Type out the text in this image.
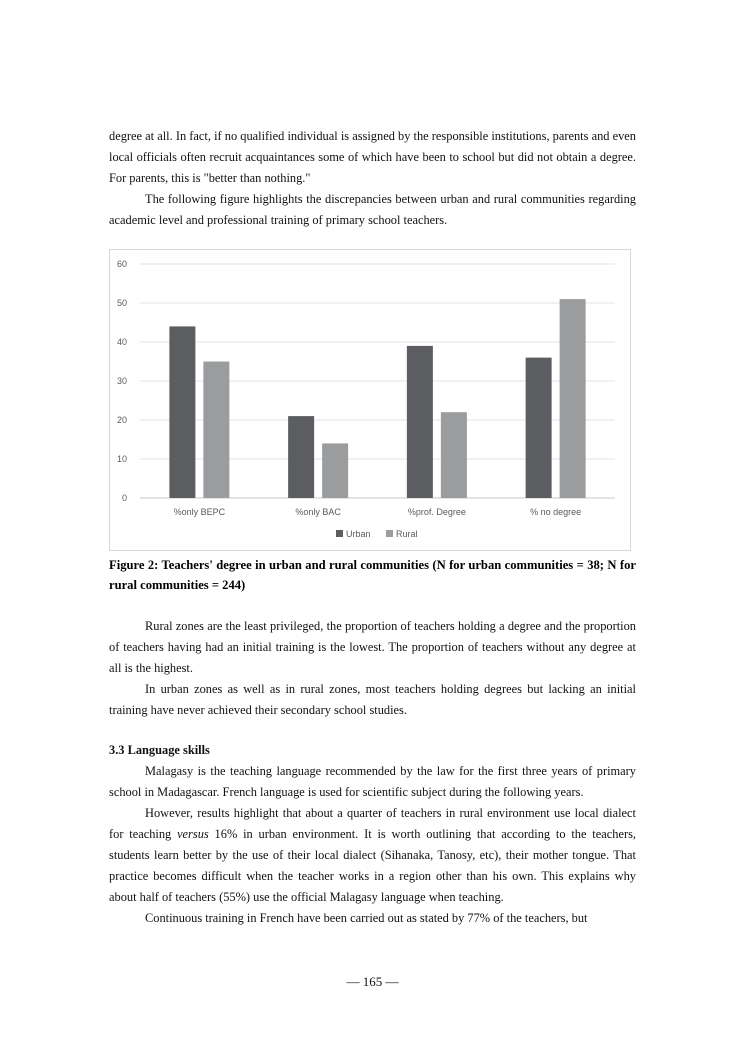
degree at all. In fact, if no qualified individual is assigned by the responsible institutions, parents and even local officials often recruit acquaintances some of which have been to school but did not obtain a degree. For parents, this is "better than nothing."

The following figure highlights the discrepancies between urban and rural communities regarding academic level and professional training of primary school teachers.

0
10
20
30
40
50
60
%only BEPC	%only BAC	%prof. Degree	% no degree
Urban	Rural
Figure 2: Teachers' degree in urban and rural communities (N for urban communities = 38; N for rural communities = 244)

Rural zones are the least privileged, the proportion of teachers holding a degree and the proportion of teachers having had an initial training is the lowest. The proportion of teachers without any degree at all is the highest.

In urban zones as well as in rural zones, most teachers holding degrees but lacking an initial training have never achieved their secondary school studies.

3.3 Language skills

Malagasy is the teaching language recommended by the law for the first three years of primary school in Madagascar. French language is used for scientific subject during the following years.

However, results highlight that about a quarter of teachers in rural environment use local dialect for teaching versus 16% in urban environment. It is worth outlining that according to the teachers, students learn better by the use of their local dialect (Sihanaka, Tanosy, etc), their mother tongue. That practice becomes difficult when the teacher works in a region other than his own. This explains why about half of teachers (55%) use the official Malagasy language when teaching.

Continuous training in French have been carried out as stated by 77% of the teachers, but

— 165 —
